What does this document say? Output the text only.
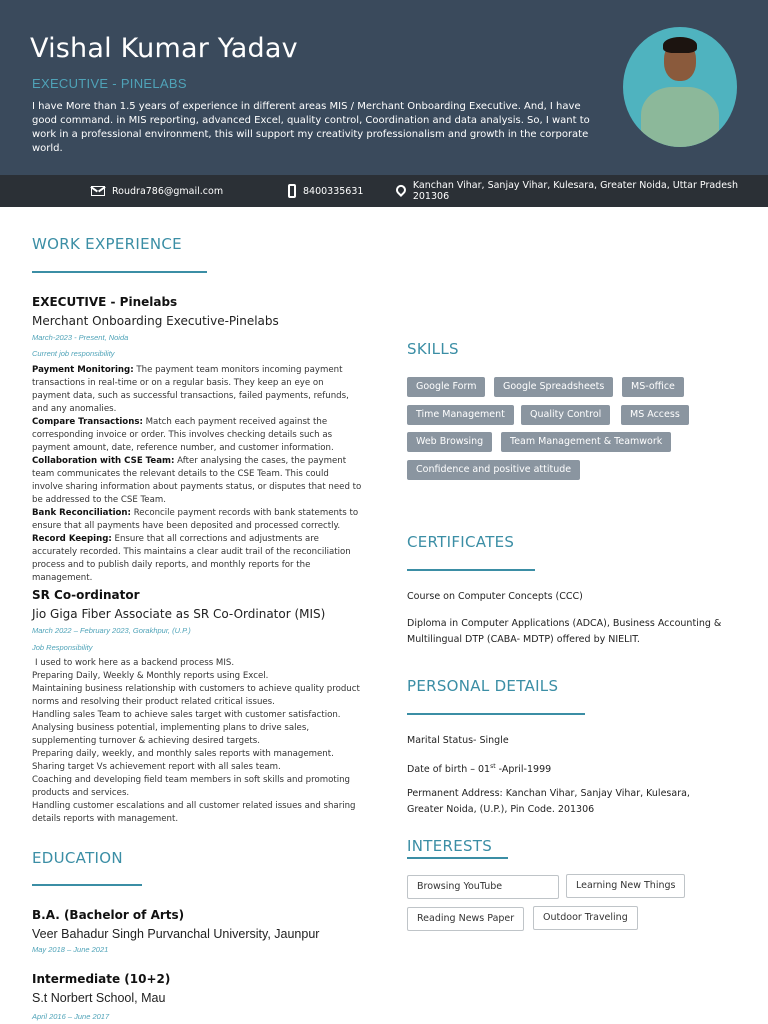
Vishal Kumar Yadav
EXECUTIVE - PINELABS
I have More than 1.5 years of experience in different areas MIS / Merchant Onboarding Executive. And, I have good command. in MIS reporting, advanced Excel, quality control, Coordination and data analysis. So, I want to work in a professional environment, this will support my creativity professionalism and growth in the corporate world.
Roudra786@gmail.com	8400335631	Kanchan Vihar, Sanjay Vihar, Kulesara, Greater Noida, Uttar Pradesh 201306
WORK EXPERIENCE
EXECUTIVE - Pinelabs
Merchant Onboarding Executive-Pinelabs
March-2023 - Present, Noida
Current job responsibility

Payment Monitoring: The payment team monitors incoming payment transactions in real-time or on a regular basis. They keep an eye on payment data, such as successful transactions, failed payments, refunds, and any anomalies.

Compare Transactions: Match each payment received against the corresponding invoice or order. This involves checking details such as payment amount, date, reference number, and customer information.

Collaboration with CSE Team: After analysing the cases, the payment team communicates the relevant details to the CSE Team. This could involve sharing information about payments status, or disputes that need to be addressed to the CSE Team.

Bank Reconciliation: Reconcile payment records with bank statements to ensure that all payments have been deposited and processed correctly.

Record Keeping: Ensure that all corrections and adjustments are accurately recorded. This maintains a clear audit trail of the reconciliation process and to publish daily reports, and monthly reports for the management.

SR Co-ordinator
Jio Giga Fiber Associate as SR Co-Ordinator (MIS)
March 2022 – February 2023, Gorakhpur, (U.P.)
Job Responsibility

I used to work here as a backend process MIS.

Preparing Daily, Weekly & Monthly reports using Excel.

Maintaining business relationship with customers to achieve quality product norms and resolving their product related critical issues.

Handling sales Team to achieve sales target with customer satisfaction.

Analysing business potential, implementing plans to drive sales, supplementing turnover & achieving desired targets.

Preparing daily, weekly, and monthly sales reports with management.

Sharing target Vs achievement report with all sales team.

Coaching and developing field team members in soft skills and promoting products and services.

Handling customer escalations and all customer related issues and sharing details reports with management.

EDUCATION
B.A. (Bachelor of Arts)
Veer Bahadur Singh Purvanchal University, Jaunpur
May 2018 – June 2021
Intermediate (10+2)
S.t Norbert School, Mau
April 2016 – June 2017
SKILLS
Google Form	Google Spreadsheets	MS-office
Time Management	Quality Control	MS Access
Web Browsing	Team Management & Teamwork
Confidence and positive attitude
CERTIFICATES
Course on Computer Concepts (CCC)
Diploma in Computer Applications (ADCA), Business Accounting & Multilingual DTP (CABA- MDTP) offered by NIELIT.
PERSONAL DETAILS
Marital Status- Single
Date of birth – 01st -April-1999
Permanent Address: Kanchan Vihar, Sanjay Vihar, Kulesara, Greater Noida, (U.P.), Pin Code. 201306
INTERESTS
Browsing YouTube	Learning New Things
Reading News Paper	Outdoor Traveling
